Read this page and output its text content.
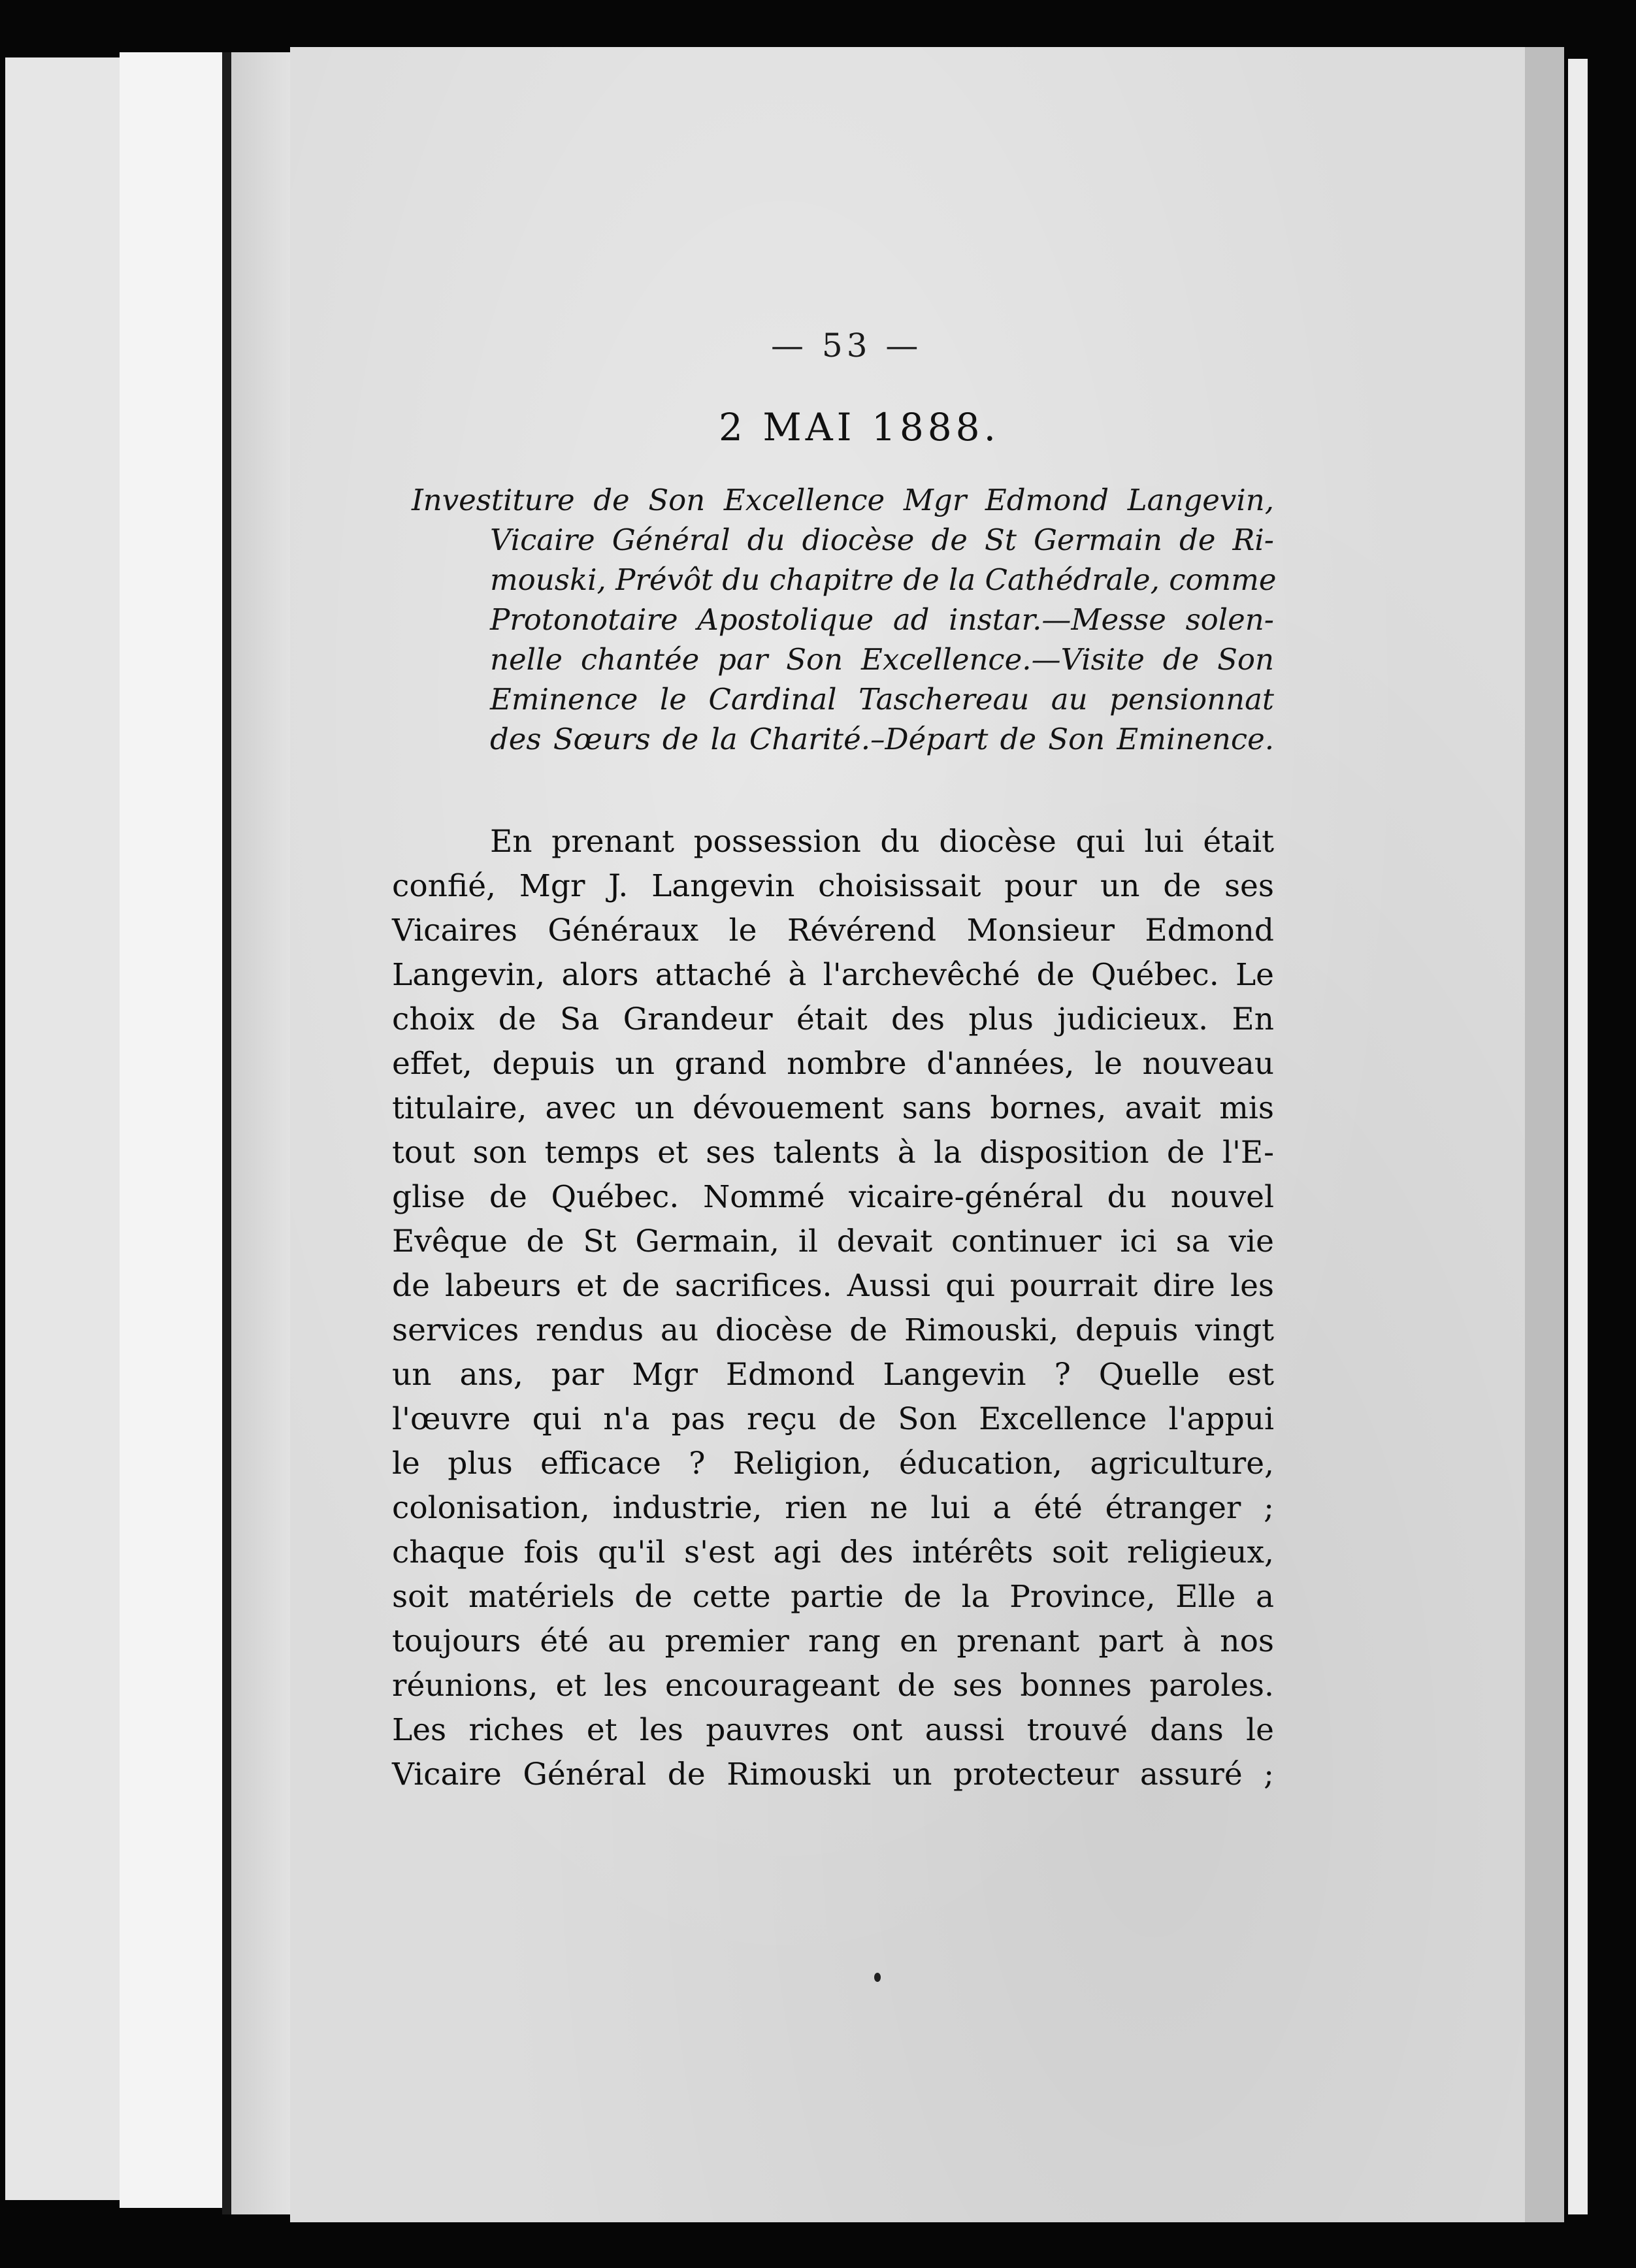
— 53 —
2 MAI 1888.
Investiture de Son Excellence Mgr Edmond Langevin,
Vicaire Général du diocèse de St Germain de Ri-
mouski, Prévôt du chapitre de la Cathédrale, comme
Protonotaire Apostolique ad instar.—Messe solen-
nelle chantée par Son Excellence.—Visite de Son
Eminence le Cardinal Taschereau au pensionnat
des Sœurs de la Charité.–Départ de Son Eminence.
En prenant possession du diocèse qui lui était
confié, Mgr J. Langevin choisissait pour un de ses
Vicaires Généraux le Révérend Monsieur Edmond
Langevin, alors attaché à l'archevêché de Québec. Le
choix de Sa Grandeur était des plus judicieux. En
effet, depuis un grand nombre d'années, le nouveau
titulaire, avec un dévouement sans bornes, avait mis
tout son temps et ses talents à la disposition de l'E-
glise de Québec. Nommé vicaire-général du nouvel
Evêque de St Germain, il devait continuer ici sa vie
de labeurs et de sacrifices. Aussi qui pourrait dire les
services rendus au diocèse de Rimouski, depuis vingt
un ans, par Mgr Edmond Langevin ? Quelle est
l'œuvre qui n'a pas reçu de Son Excellence l'appui
le plus efficace ? Religion, éducation, agriculture,
colonisation, industrie, rien ne lui a été étranger ;
chaque fois qu'il s'est agi des intérêts soit religieux,
soit matériels de cette partie de la Province, Elle a
toujours été au premier rang en prenant part à nos
réunions, et les encourageant de ses bonnes paroles.
Les riches et les pauvres ont aussi trouvé dans le
Vicaire Général de Rimouski un protecteur assuré ;
